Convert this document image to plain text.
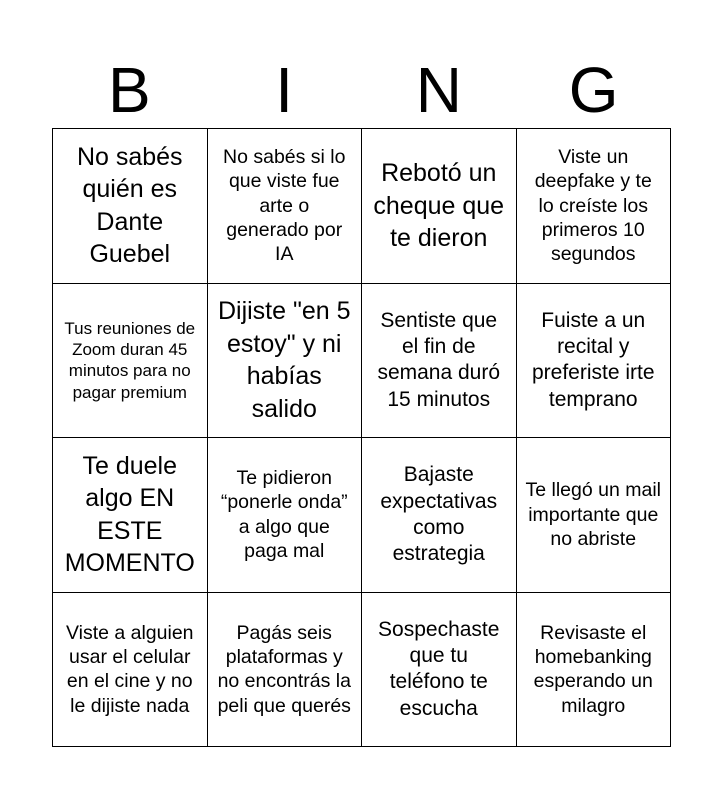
B	I	N	G
No sabés quién es Dante Guebel
No sabés si lo que viste fue arte o generado por IA
Rebotó un cheque que te dieron
Viste un deepfake y te lo creíste los primeros 10 segundos
Tus reuniones de Zoom duran 45 minutos para no pagar premium
Dijiste "en 5 estoy" y ni habías salido
Sentiste que el fin de semana duró 15 minutos
Fuiste a un recital y preferiste irte temprano
Te duele algo EN ESTE MOMENTO
Te pidieron “ponerle onda” a algo que paga mal
Bajaste expectativas como estrategia
Te llegó un mail importante que no abriste
Viste a alguien usar el celular en el cine y no le dijiste nada
Pagás seis plataformas y no encontrás la peli que querés
Sospechaste que tu teléfono te escucha
Revisaste el homebanking esperando un milagro
